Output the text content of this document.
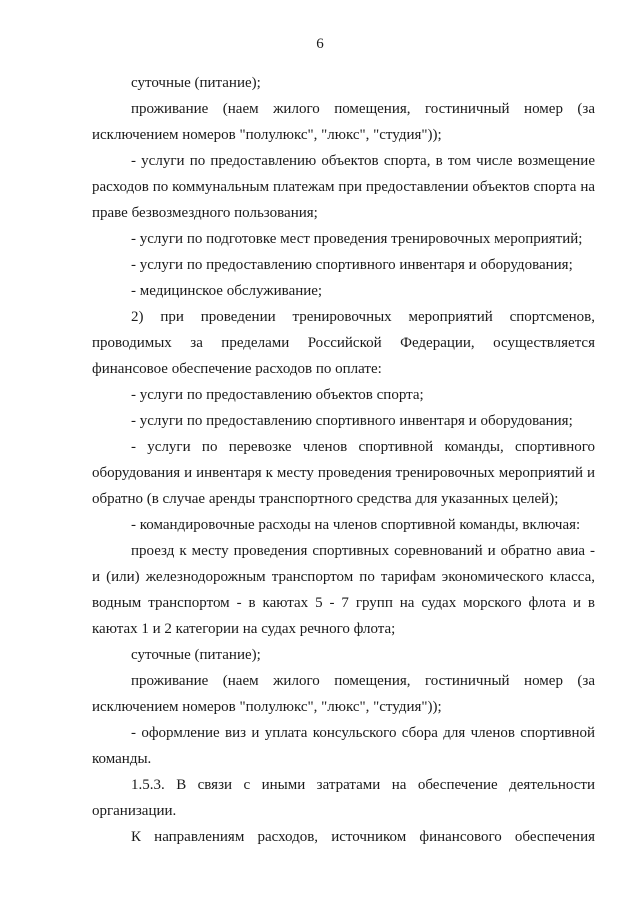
6

суточные (питание);

проживание (наем жилого помещения, гостиничный номер (за исключением номеров "полулюкс", "люкс", "студия"));

- услуги по предоставлению объектов спорта, в том числе возмещение расходов по коммунальным платежам при предоставлении объектов спорта на праве безвозмездного пользования;

- услуги по подготовке мест проведения тренировочных мероприятий;

- услуги по предоставлению спортивного инвентаря и оборудования;

- медицинское обслуживание;

2) при проведении тренировочных мероприятий спортсменов, проводимых за пределами Российской Федерации, осуществляется финансовое обеспечение расходов по оплате:

- услуги по предоставлению объектов спорта;

- услуги по предоставлению спортивного инвентаря и оборудования;

- услуги по перевозке членов спортивной команды, спортивного оборудования и инвентаря к месту проведения тренировочных мероприятий и обратно (в случае аренды транспортного средства для указанных целей);

- командировочные расходы на членов спортивной команды, включая:

проезд к месту проведения спортивных соревнований и обратно авиа - и (или) железнодорожным транспортом по тарифам экономического класса, водным транспортом - в каютах 5 - 7 групп на судах морского флота и в каютах 1 и 2 категории на судах речного флота;

суточные (питание);

проживание (наем жилого помещения, гостиничный номер (за исключением номеров "полулюкс", "люкс", "студия"));

- оформление виз и уплата консульского сбора для членов спортивной команды.

1.5.3. В связи с иными затратами на обеспечение деятельности организации.

К направлениям расходов, источником финансового обеспечения
